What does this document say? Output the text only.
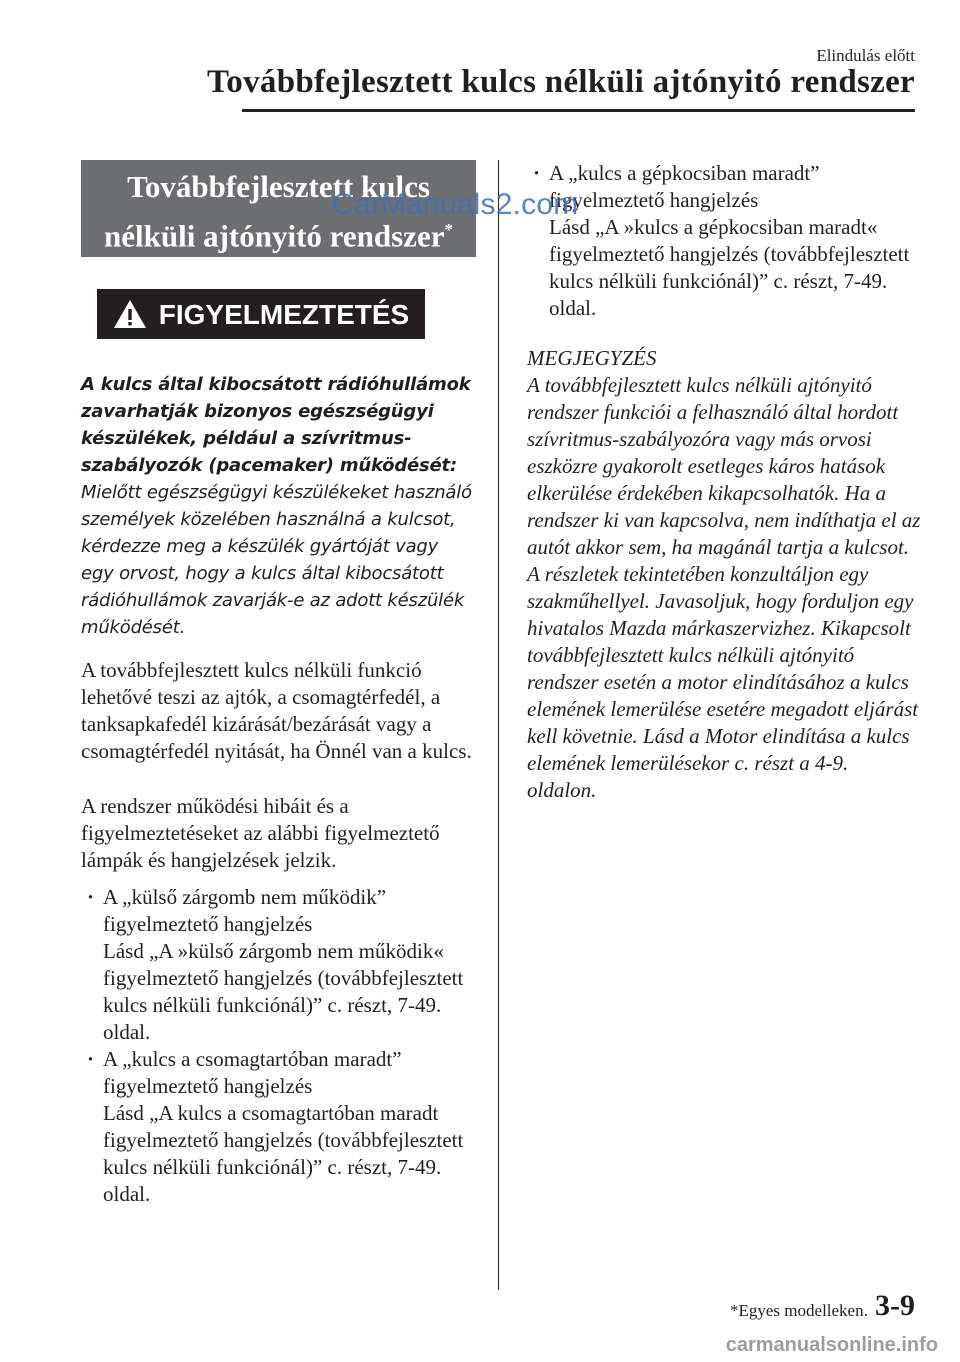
Elindulás előtt
Továbbfejlesztett kulcs nélküli ajtónyitó rendszer
Továbbfejlesztett kulcs
nélküli ajtónyitó rendszer*
FIGYELMEZTETÉS

A kulcs által kibocsátott rádióhullámok zavarhatják bizonyos egészségügyi készülékek, például a szívritmus-szabályozók (pacemaker) működését:

Mielőtt egészségügyi készülékeket használó személyek közelében használná a kulcsot, kérdezze meg a készülék gyártóját vagy egy orvost, hogy a kulcs által kibocsátott rádióhullámok zavarják-e az adott készülék működését.

A továbbfejlesztett kulcs nélküli funkció lehetővé teszi az ajtók, a csomagtérfedél, a tanksapkafedél kizárását/bezárását vagy a csomagtérfedél nyitását, ha Önnél van a kulcs.

A rendszer működési hibáit és a figyelmeztetéseket az alábbi figyelmeztető lámpák és hangjelzések jelzik.

· A „külső zárgomb nem működik” figyelmeztető hangjelzés
Lásd „A »külső zárgomb nem működik« figyelmeztető hangjelzés (továbbfejlesztett kulcs nélküli funkciónál)” c. részt, 7-49. oldal.
· A „kulcs a csomagtartóban maradt” figyelmeztető hangjelzés
Lásd „A kulcs a csomagtartóban maradt figyelmeztető hangjelzés (továbbfejlesztett kulcs nélküli funkciónál)” c. részt, 7-49. oldal.
· A „kulcs a gépkocsiban maradt” figyelmeztető hangjelzés
Lásd „A »kulcs a gépkocsiban maradt« figyelmeztető hangjelzés (továbbfejlesztett kulcs nélküli funkciónál)” c. részt, 7-49. oldal.
MEGJEGYZÉS
A továbbfejlesztett kulcs nélküli ajtónyitó rendszer funkciói a felhasználó által hordott szívritmus-szabályozóra vagy más orvosi eszközre gyakorolt esetleges káros hatások elkerülése érdekében kikapcsolhatók. Ha a rendszer ki van kapcsolva, nem indíthatja el az autót akkor sem, ha magánál tartja a kulcsot. A részletek tekintetében konzultáljon egy szakműhellyel. Javasoljuk, hogy forduljon egy hivatalos Mazda márkaszervizhez. Kikapcsolt továbbfejlesztett kulcs nélküli ajtónyitó rendszer esetén a motor elindításához a kulcs elemének lemerülése esetére megadott eljárást kell követnie. Lásd a Motor elindítása a kulcs elemének lemerülésekor c. részt a 4-9. oldalon.
CarManuals2.com
*Egyes modelleken. 3-9
carmanualsonline.info
